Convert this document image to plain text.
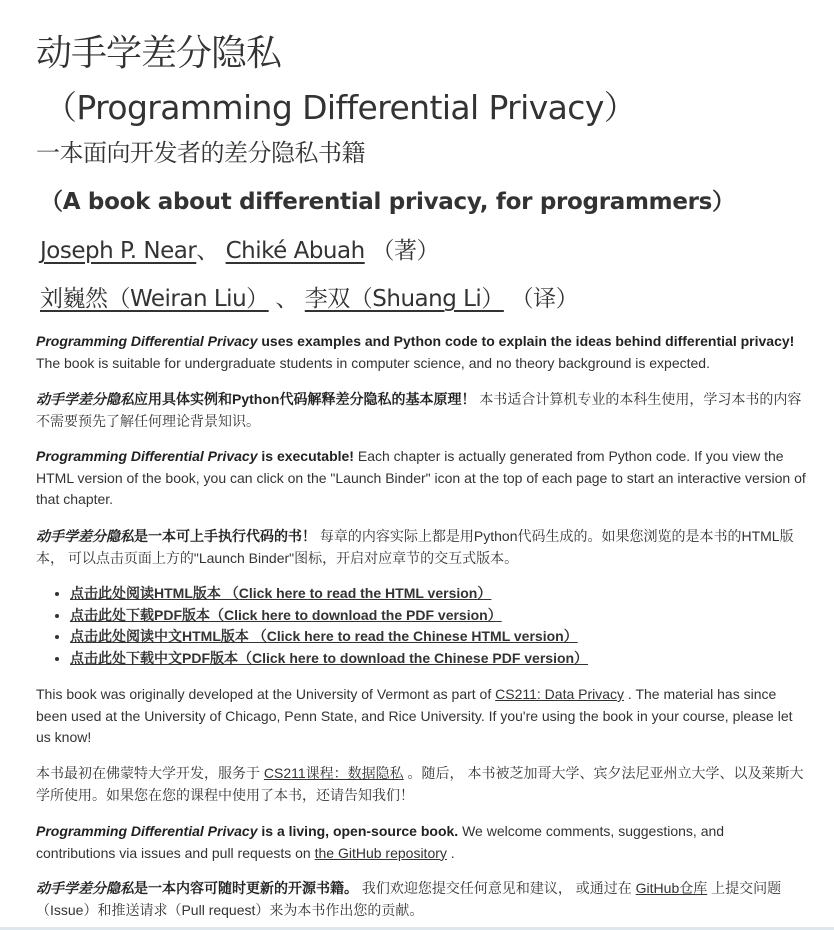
动手学差分隐私
（Programming Differential Privacy）
一本面向开发者的差分隐私书籍
（A book about differential privacy, for programmers）
Joseph P. Near、 Chiké Abuah （著）
刘巍然（Weiran Liu） 、 李双（Shuang Li） （译）

Programming Differential Privacy uses examples and Python code to explain the ideas behind differential privacy! The book is suitable for undergraduate students in computer science, and no theory background is expected.

动手学差分隐私应用具体实例和Python代码解释差分隐私的基本原理！ 本书适合计算机专业的本科生使用，学习本书的内容不需要预先了解任何理论背景知识。

Programming Differential Privacy is executable! Each chapter is actually generated from Python code. If you view the HTML version of the book, you can click on the "Launch Binder" icon at the top of each page to start an interactive version of that chapter.

动手学差分隐私是一本可上手执行代码的书！ 每章的内容实际上都是用Python代码生成的。如果您浏览的是本书的HTML版本， 可以点击页面上方的"Launch Binder"图标，开启对应章节的交互式版本。

点击此处阅读HTML版本 （Click here to read the HTML version）
点击此处下载PDF版本（Click here to download the PDF version）
点击此处阅读中文HTML版本 （Click here to read the Chinese HTML version）
点击此处下载中文PDF版本（Click here to download the Chinese PDF version）

This book was originally developed at the University of Vermont as part of CS211: Data Privacy . The material has since been used at the University of Chicago, Penn State, and Rice University. If you're using the book in your course, please let us know!

本书最初在佛蒙特大学开发，服务于 CS211课程：数据隐私 。随后， 本书被芝加哥大学、宾夕法尼亚州立大学、以及莱斯大学所使用。如果您在您的课程中使用了本书，还请告知我们！

Programming Differential Privacy is a living, open-source book. We welcome comments, suggestions, and contributions via issues and pull requests on the GitHub repository .

动手学差分隐私是一本内容可随时更新的开源书籍。 我们欢迎您提交任何意见和建议， 或通过在 GitHub仓库 上提交问题（Issue）和推送请求（Pull request）来为本书作出您的贡献。
